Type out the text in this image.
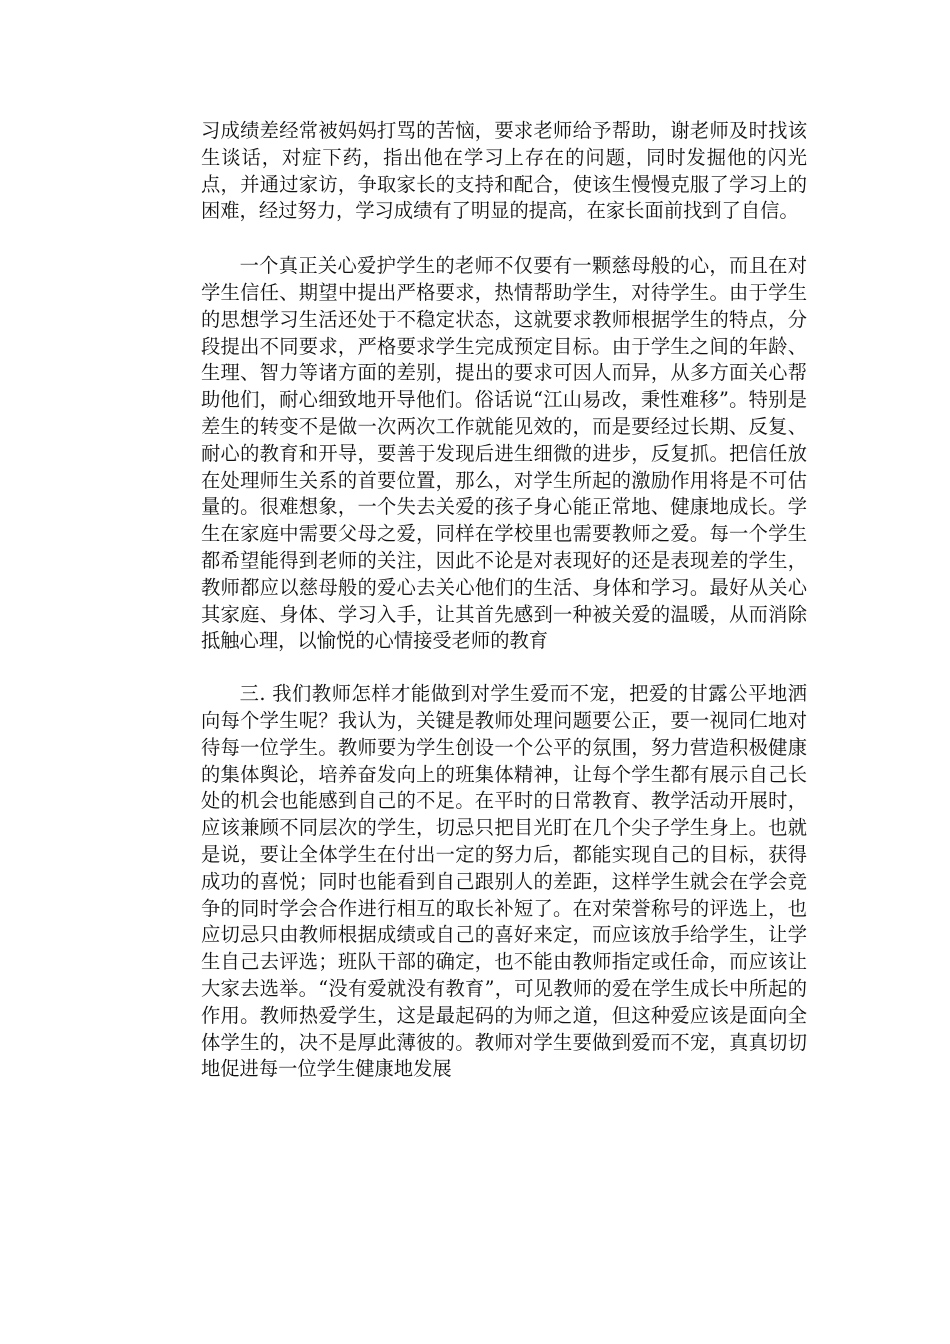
习成绩差经常被妈妈打骂的苦恼，要求老师给予帮助，谢老师及时找该生谈话，对症下药，指出他在学习上存在的问题，同时发掘他的闪光点，并通过家访，争取家长的支持和配合，使该生慢慢克服了学习上的困难，经过努力，学习成绩有了明显的提高，在家长面前找到了自信。

一个真正关心爱护学生的老师不仅要有一颗慈母般的心，而且在对学生信任、期望中提出严格要求，热情帮助学生，对待学生。由于学生的思想学习生活还处于不稳定状态，这就要求教师根据学生的特点，分段提出不同要求，严格要求学生完成预定目标。由于学生之间的年龄、生理、智力等诸方面的差别，提出的要求可因人而异，从多方面关心帮助他们，耐心细致地开导他们。俗话说“江山易改，秉性难移”。特别是差生的转变不是做一次两次工作就能见效的，而是要经过长期、反复、耐心的教育和开导，要善于发现后进生细微的进步，反复抓。把信任放在处理师生关系的首要位置，那么，对学生所起的激励作用将是不可估量的。很难想象，一个失去关爱的孩子身心能正常地、健康地成长。学生在家庭中需要父母之爱，同样在学校里也需要教师之爱。每一个学生都希望能得到老师的关注，因此不论是对表现好的还是表现差的学生，教师都应以慈母般的爱心去关心他们的生活、身体和学习。最好从关心其家庭、身体、学习入手，让其首先感到一种被关爱的温暖，从而消除抵触心理，以愉悦的心情接受老师的教育

三. 我们教师怎样才能做到对学生爱而不宠，把爱的甘露公平地洒向每个学生呢？我认为，关键是教师处理问题要公正，要一视同仁地对待每一位学生。教师要为学生创设一个公平的氛围，努力营造积极健康的集体舆论，培养奋发向上的班集体精神，让每个学生都有展示自己长处的机会也能感到自己的不足。在平时的日常教育、教学活动开展时，应该兼顾不同层次的学生，切忌只把目光盯在几个尖子学生身上。也就是说，要让全体学生在付出一定的努力后，都能实现自己的目标，获得成功的喜悦；同时也能看到自己跟别人的差距，这样学生就会在学会竞争的同时学会合作进行相互的取长补短了。在对荣誉称号的评选上，也应切忌只由教师根据成绩或自己的喜好来定，而应该放手给学生，让学生自己去评选；班队干部的确定，也不能由教师指定或任命，而应该让大家去选举。“没有爱就没有教育”，可见教师的爱在学生成长中所起的作用。教师热爱学生，这是最起码的为师之道，但这种爱应该是面向全体学生的，决不是厚此薄彼的。教师对学生要做到爱而不宠，真真切切地促进每一位学生健康地发展
